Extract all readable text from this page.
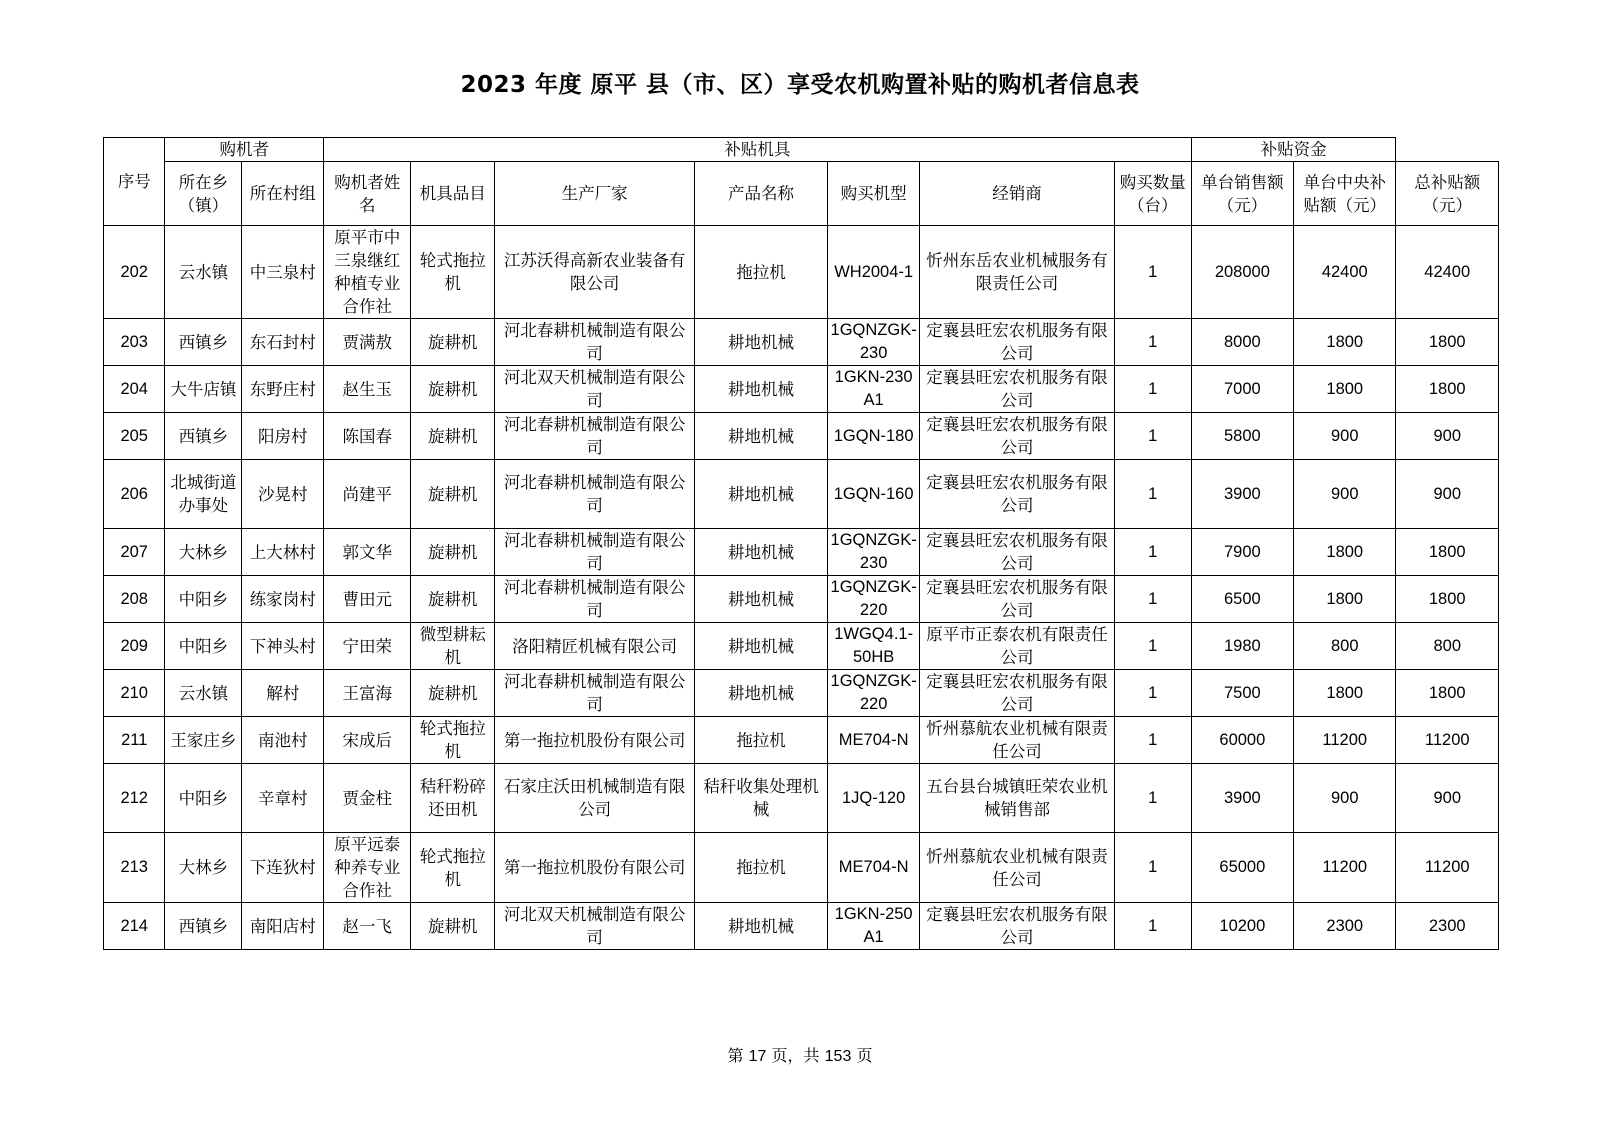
2023 年度 原平 县（市、区）享受农机购置补贴的购机者信息表
序号	购机者		补贴机具							补贴资金		
	所在乡（镇）	所在村组	购机者姓名	机具品目	生产厂家	产品名称	购买机型	经销商	购买数量（台）	单台销售额（元）	单台中央补贴额（元）	总补贴额（元）
202	云水镇	中三泉村	原平市中三泉继红种植专业合作社	轮式拖拉机	江苏沃得高新农业装备有限公司	拖拉机	WH2004-1	忻州东岳农业机械服务有限责任公司	1	208000	42400	42400
203	西镇乡	东石封村	贾满敖	旋耕机	河北春耕机械制造有限公司	耕地机械	1GQNZGK-230	定襄县旺宏农机服务有限公司	1	8000	1800	1800
204	大牛店镇	东野庄村	赵生玉	旋耕机	河北双天机械制造有限公司	耕地机械	1GKN-230A1	定襄县旺宏农机服务有限公司	1	7000	1800	1800
205	西镇乡	阳房村	陈国春	旋耕机	河北春耕机械制造有限公司	耕地机械	1GQN-180	定襄县旺宏农机服务有限公司	1	5800	900	900
206	北城街道办事处	沙晃村	尚建平	旋耕机	河北春耕机械制造有限公司	耕地机械	1GQN-160	定襄县旺宏农机服务有限公司	1	3900	900	900
207	大林乡	上大林村	郭文华	旋耕机	河北春耕机械制造有限公司	耕地机械	1GQNZGK-230	定襄县旺宏农机服务有限公司	1	7900	1800	1800
208	中阳乡	练家岗村	曹田元	旋耕机	河北春耕机械制造有限公司	耕地机械	1GQNZGK-220	定襄县旺宏农机服务有限公司	1	6500	1800	1800
209	中阳乡	下神头村	宁田荣	微型耕耘机	洛阳精匠机械有限公司	耕地机械	1WGQ4.1-50HB	原平市正泰农机有限责任公司	1	1980	800	800
210	云水镇	解村	王富海	旋耕机	河北春耕机械制造有限公司	耕地机械	1GQNZGK-220	定襄县旺宏农机服务有限公司	1	7500	1800	1800
211	王家庄乡	南池村	宋成后	轮式拖拉机	第一拖拉机股份有限公司	拖拉机	ME704-N	忻州慕航农业机械有限责任公司	1	60000	11200	11200
212	中阳乡	辛章村	贾金柱	秸秆粉碎还田机	石家庄沃田机械制造有限公司	秸秆收集处理机械	1JQ-120	五台县台城镇旺荣农业机械销售部	1	3900	900	900
213	大林乡	下连狄村	原平远泰种养专业合作社	轮式拖拉机	第一拖拉机股份有限公司	拖拉机	ME704-N	忻州慕航农业机械有限责任公司	1	65000	11200	11200
214	西镇乡	南阳店村	赵一飞	旋耕机	河北双天机械制造有限公司	耕地机械	1GKN-250A1	定襄县旺宏农机服务有限公司	1	10200	2300	2300
第 17 页，共 153 页
